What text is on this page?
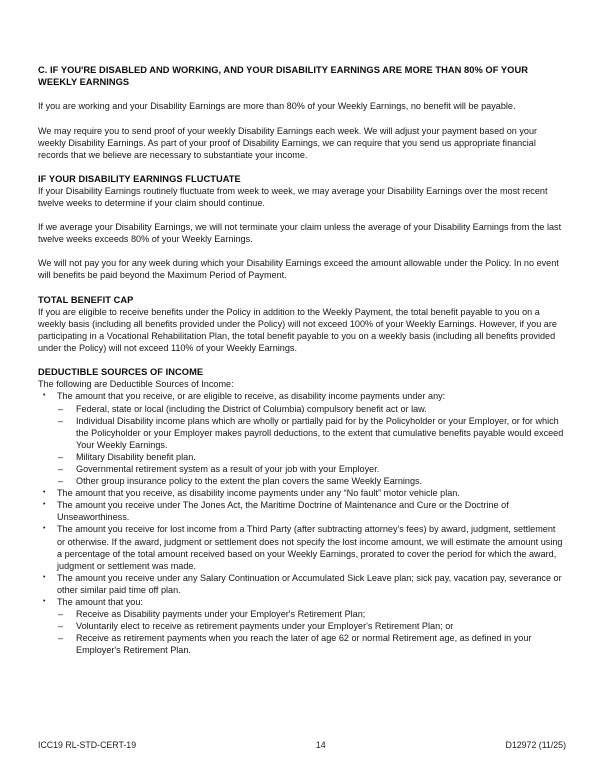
C. IF YOU'RE DISABLED AND WORKING, AND YOUR DISABILITY EARNINGS ARE MORE THAN 80% OF YOUR WEEKLY EARNINGS

If you are working and your Disability Earnings are more than 80% of your Weekly Earnings, no benefit will be payable.

We may require you to send proof of your weekly Disability Earnings each week. We will adjust your payment based on your weekly Disability Earnings. As part of your proof of Disability Earnings, we can require that you send us appropriate financial records that we believe are necessary to substantiate your income.

IF YOUR DISABILITY EARNINGS FLUCTUATE

If your Disability Earnings routinely fluctuate from week to week, we may average your Disability Earnings over the most recent twelve weeks to determine if your claim should continue.

If we average your Disability Earnings, we will not terminate your claim unless the average of your Disability Earnings from the last twelve weeks exceeds 80% of your Weekly Earnings.

We will not pay you for any week during which your Disability Earnings exceed the amount allowable under the Policy. In no event will benefits be paid beyond the Maximum Period of Payment.

TOTAL BENEFIT CAP

If you are eligible to receive benefits under the Policy in addition to the Weekly Payment, the total benefit payable to you on a weekly basis (including all benefits provided under the Policy) will not exceed 100% of your Weekly Earnings. However, if you are participating in a Vocational Rehabilitation Plan, the total benefit payable to you on a weekly basis (including all benefits provided under the Policy) will not exceed 110% of your Weekly Earnings.

DEDUCTIBLE SOURCES OF INCOME

The following are Deductible Sources of Income:

•	The amount that you receive, or are eligible to receive, as disability income payments under any:
–	Federal, state or local (including the District of Columbia) compulsory benefit act or law.
–	Individual Disability income plans which are wholly or partially paid for by the Policyholder or your Employer, or for which the Policyholder or your Employer makes payroll deductions, to the extent that cumulative benefits payable would exceed Your Weekly Earnings.
–	Military Disability benefit plan.
–	Governmental retirement system as a result of your job with your Employer.
–	Other group insurance policy to the extent the plan covers the same Weekly Earnings.
•	The amount that you receive, as disability income payments under any “No fault” motor vehicle plan.
•	The amount you receive under The Jones Act, the Maritime Doctrine of Maintenance and Cure or the Doctrine of Unseaworthiness.
•	The amount you receive for lost income from a Third Party (after subtracting attorney's fees) by award, judgment, settlement or otherwise. If the award, judgment or settlement does not specify the lost income amount, we will estimate the amount using a percentage of the total amount received based on your Weekly Earnings, prorated to cover the period for which the award, judgment or settlement was made.
•	The amount you receive under any Salary Continuation or Accumulated Sick Leave plan; sick pay, vacation pay, severance or other similar paid time off plan.
•	The amount that you:
–	Receive as Disability payments under your Employer's Retirement Plan;
–	Voluntarily elect to receive as retirement payments under your Employer's Retirement Plan; or
–	Receive as retirement payments when you reach the later of age 62 or normal Retirement age, as defined in your Employer's Retirement Plan.
ICC19 RL-STD-CERT-19	14	D12972 (11/25)
